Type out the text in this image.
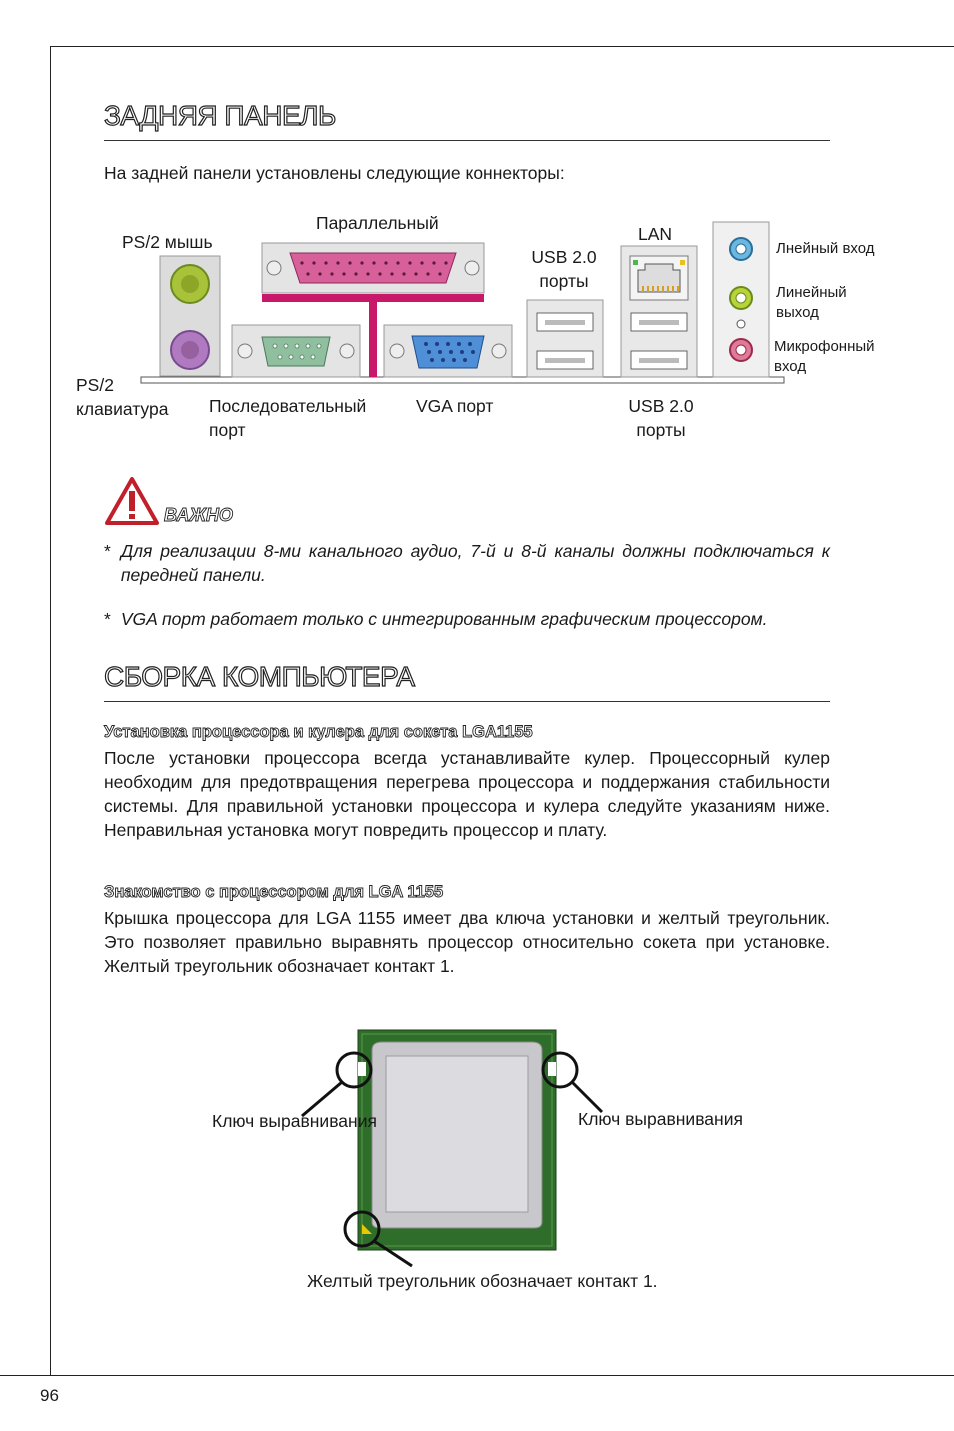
ЗАДНЯЯ ПАНЕЛЬ
На задней панели установлены следующие коннекторы:
PS/2 мышь
Параллельный
USB 2.0
порты
LAN
Лнейный вход
Линейный
выход
Микрофонный
вход
PS/2
клавиатура Последовательный
порт
VGA порт	USB 2.0
порты
ВАЖНО
* Для реализации 8-ми канального аудио, 7-й и 8-й каналы должны подключаться к передней панели.
* VGA порт работает только с интегрированным графическим процессором.
СБОРКА КОМПЬЮТЕРА
Установка процессора и кулера для сокета LGA1155
После установки процессора всегда устанавливайте кулер. Процессорный кулер необходим для предотвращения перегрева процессора и поддержания стабильности системы. Для правильной установки процессора и кулера следуйте указаниям ниже. Неправильная установка могут повредить процессор и плату.
Знакомство с процессором для LGA 1155
Крышка процессора для LGA 1155 имеет два ключа установки и желтый треугольник. Это позволяет правильно выравнять процессор относительно сокета при установке. Желтый треугольник обозначает контакт 1.
Ключ выравнивания	Ключ выравнивания
Желтый треугольник обозначает контакт 1.
96
